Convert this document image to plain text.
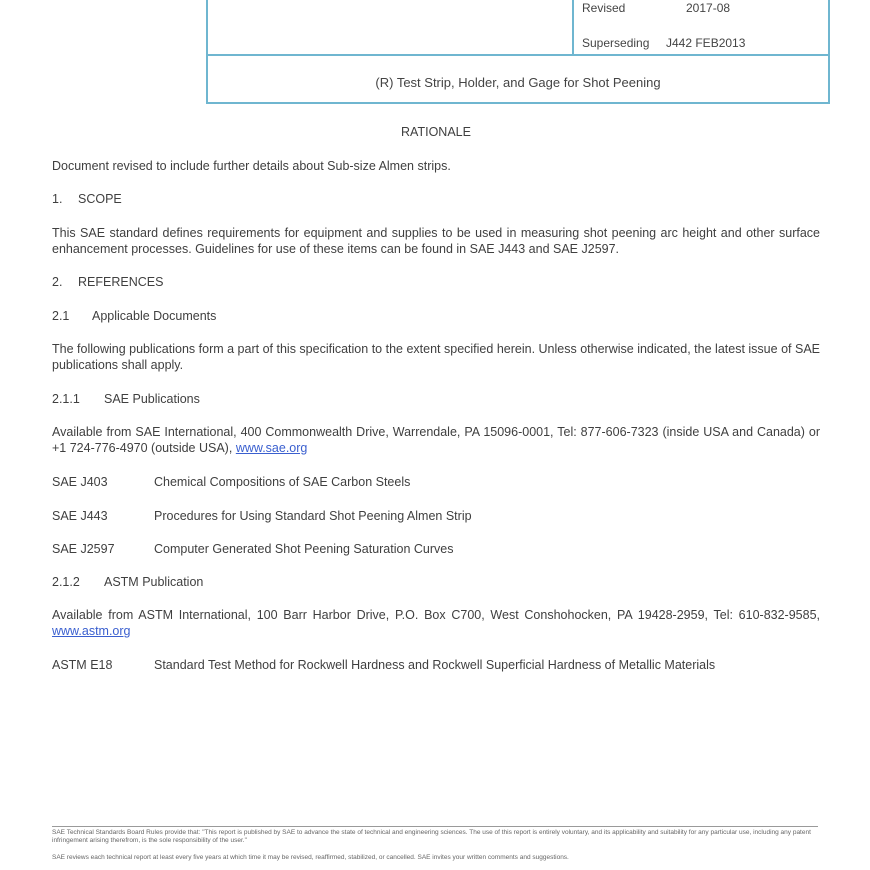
Revised	2017-08
Superseding J442 FEB2013
(R) Test Strip, Holder, and Gage for Shot Peening
RATIONALE
Document revised to include further details about Sub-size Almen strips.
1. SCOPE
This SAE standard defines requirements for equipment and supplies to be used in measuring shot peening arc height and other surface enhancement processes. Guidelines for use of these items can be found in SAE J443 and SAE J2597.
2. REFERENCES
2.1 Applicable Documents
The following publications form a part of this specification to the extent specified herein. Unless otherwise indicated, the latest issue of SAE publications shall apply.
2.1.1 SAE Publications
Available from SAE International, 400 Commonwealth Drive, Warrendale, PA 15096-0001, Tel: 877-606-7323 (inside USA and Canada) or +1 724-776-4970 (outside USA), www.sae.org
SAE J403	Chemical Compositions of SAE Carbon Steels
SAE J443	Procedures for Using Standard Shot Peening Almen Strip
SAE J2597	Computer Generated Shot Peening Saturation Curves
2.1.2 ASTM Publication
Available from ASTM International, 100 Barr Harbor Drive, P.O. Box C700, West Conshohocken, PA 19428-2959, Tel: 610-832-9585, www.astm.org
ASTM E18	Standard Test Method for Rockwell Hardness and Rockwell Superficial Hardness of Metallic Materials
SAE Technical Standards Board Rules provide that: "This report is published by SAE to advance the state of technical and engineering sciences. The use of this report is entirely voluntary, and its applicability and suitability for any particular use, including any patent infringement arising therefrom, is the sole responsibility of the user."
SAE reviews each technical report at least every five years at which time it may be revised, reaffirmed, stabilized, or cancelled. SAE invites your written comments and suggestions.
